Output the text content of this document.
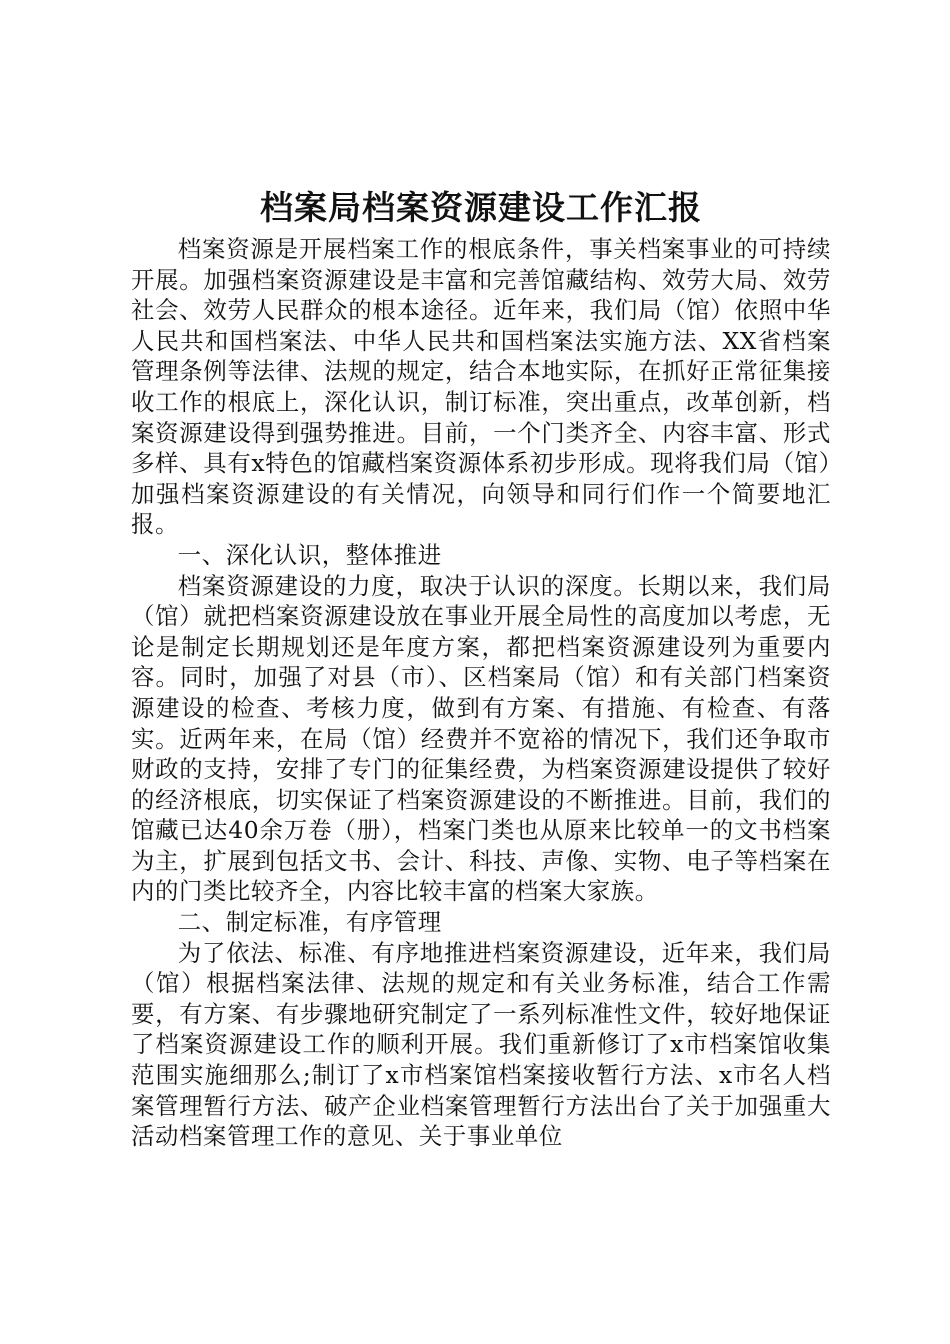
档案局档案资源建设工作汇报

档案资源是开展档案工作的根底条件，事关档案事业的可持续开展。加强档案资源建设是丰富和完善馆藏结构、效劳大局、效劳社会、效劳人民群众的根本途径。近年来，我们局（馆）依照中华人民共和国档案法、中华人民共和国档案法实施方法、XX省档案管理条例等法律、法规的规定，结合本地实际，在抓好正常征集接收工作的根底上，深化认识，制订标准，突出重点，改革创新，档案资源建设得到强势推进。目前，一个门类齐全、内容丰富、形式多样、具有x特色的馆藏档案资源体系初步形成。现将我们局（馆）加强档案资源建设的有关情况，向领导和同行们作一个简要地汇报。

一、深化认识，整体推进

档案资源建设的力度，取决于认识的深度。长期以来，我们局（馆）就把档案资源建设放在事业开展全局性的高度加以考虑，无论是制定长期规划还是年度方案，都把档案资源建设列为重要内容。同时，加强了对县（市）、区档案局（馆）和有关部门档案资源建设的检查、考核力度，做到有方案、有措施、有检查、有落实。近两年来，在局（馆）经费并不宽裕的情况下，我们还争取市财政的支持，安排了专门的征集经费，为档案资源建设提供了较好的经济根底，切实保证了档案资源建设的不断推进。目前，我们的馆藏已达40余万卷（册），档案门类也从原来比较单一的文书档案为主，扩展到包括文书、会计、科技、声像、实物、电子等档案在内的门类比较齐全，内容比较丰富的档案大家族。

二、制定标准，有序管理

为了依法、标准、有序地推进档案资源建设，近年来，我们局（馆）根据档案法律、法规的规定和有关业务标准，结合工作需要，有方案、有步骤地研究制定了一系列标准性文件，较好地保证了档案资源建设工作的顺利开展。我们重新修订了x市档案馆收集范围实施细那么;制订了x市档案馆档案接收暂行方法、x市名人档案管理暂行方法、破产企业档案管理暂行方法出台了关于加强重大活动档案管理工作的意见、关于事业单位
